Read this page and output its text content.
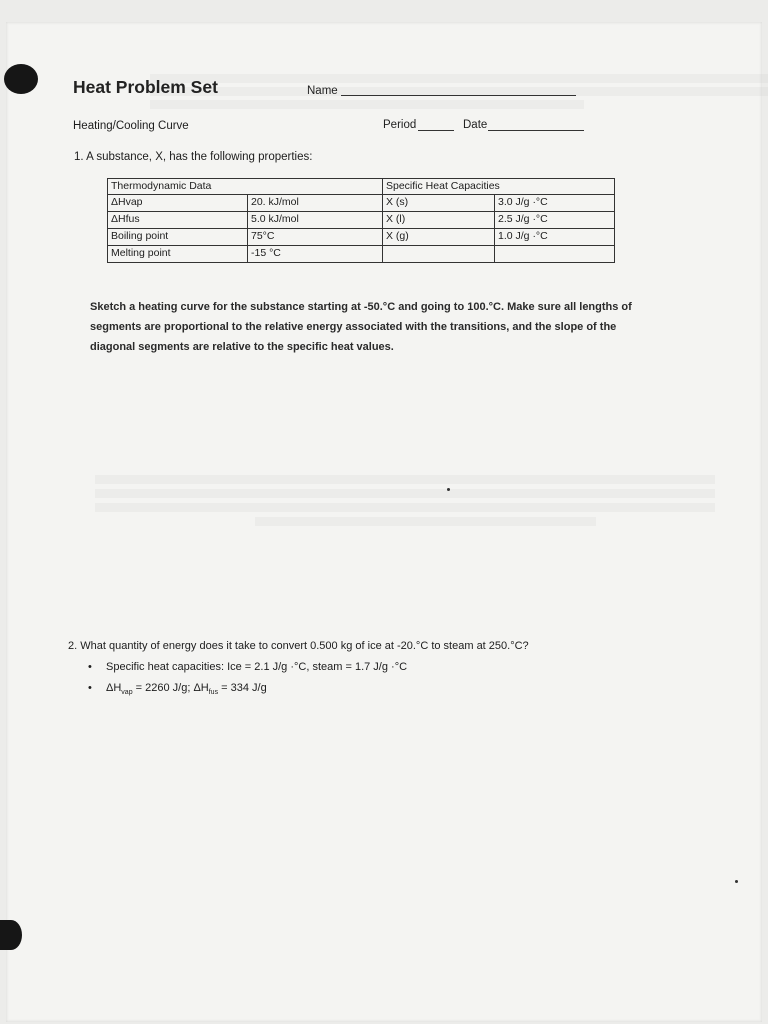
Heat Problem Set	Name
Heating/Cooling Curve	Period	Date
1. A substance, X, has the following properties:
Thermodynamic Data		Specific Heat Capacities	
ΔHvap	20. kJ/mol	X (s)	3.0 J/g ·°C
ΔHfus	5.0 kJ/mol	X (l)	2.5 J/g ·°C
Boiling point	75°C	X (g)	1.0 J/g ·°C
Melting point	-15 °C		
Sketch a heating curve for the substance starting at -50.°C and going to 100.°C. Make sure all lengths of segments are proportional to the relative energy associated with the transitions, and the slope of the diagonal segments are relative to the specific heat values.
2. What quantity of energy does it take to convert 0.500 kg of ice at -20.°C to steam at 250.°C?
• Specific heat capacities: Ice = 2.1 J/g ·°C, steam = 1.7 J/g ·°C
• $\Delta H_{vap} = 2260$ J/g; $\Delta H_{fus} = 334$ J/g
